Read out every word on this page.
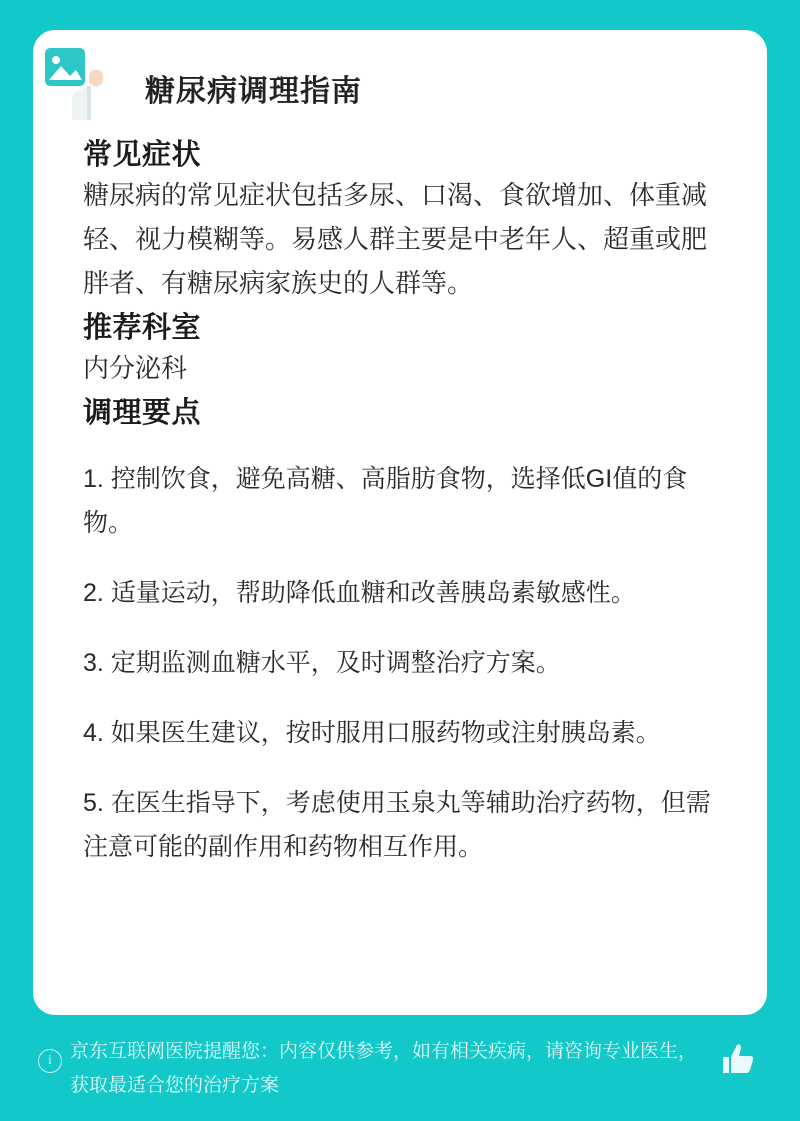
糖尿病调理指南
常见症状

糖尿病的常见症状包括多尿、口渴、食欲增加、体重减轻、视力模糊等。易感人群主要是中老年人、超重或肥胖者、有糖尿病家族史的人群等。

推荐科室

内分泌科

调理要点

1. 控制饮食，避免高糖、高脂肪食物，选择低GI值的食物。

2. 适量运动，帮助降低血糖和改善胰岛素敏感性。

3. 定期监测血糖水平，及时调整治疗方案。

4. 如果医生建议，按时服用口服药物或注射胰岛素。

5. 在医生指导下，考虑使用玉泉丸等辅助治疗药物，但需注意可能的副作用和药物相互作用。

i 京东互联网医院提醒您：内容仅供参考，如有相关疾病，请咨询专业医生，获取最适合您的治疗方案
